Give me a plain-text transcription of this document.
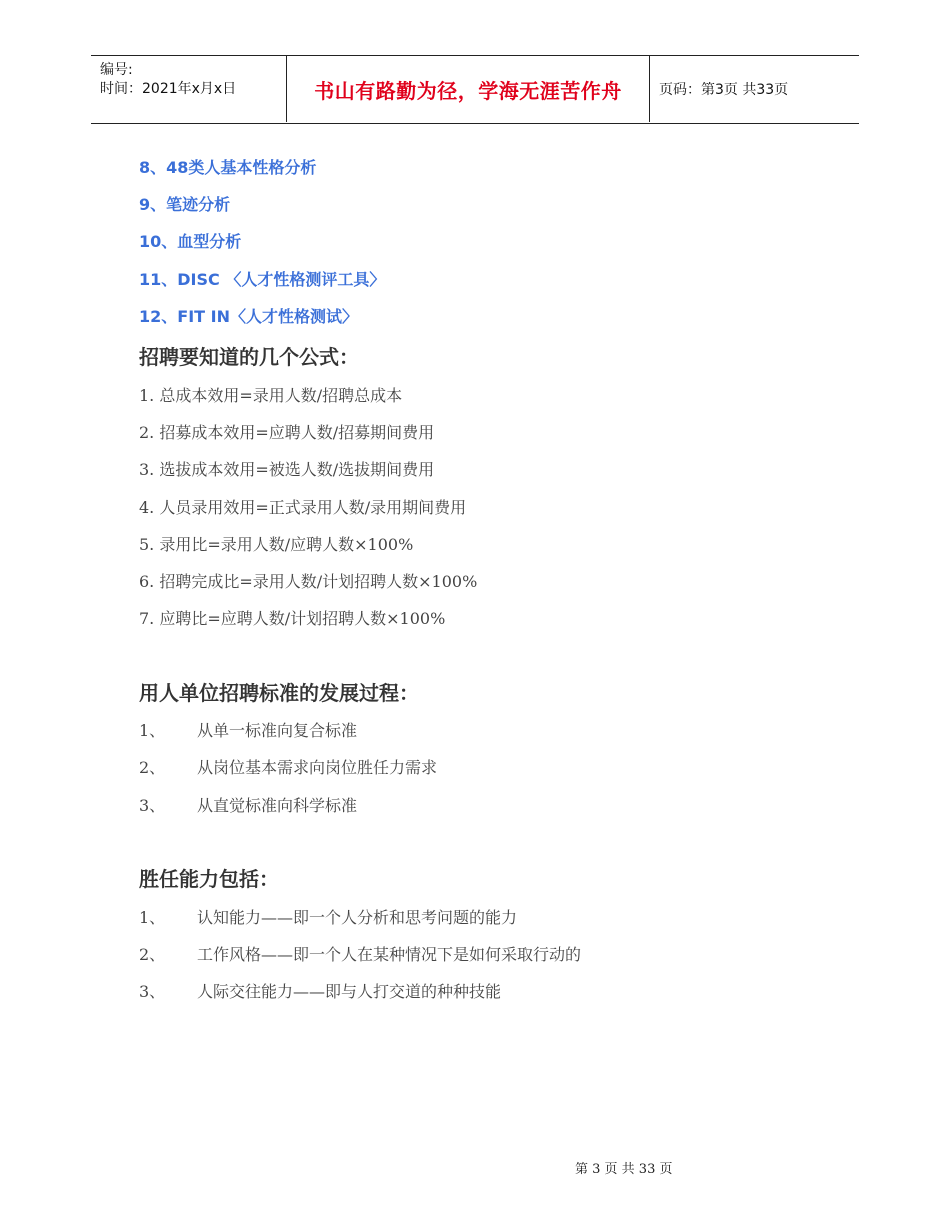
编号:
时间：2021年x月x日	书山有路勤为径，学海无涯苦作舟	页码：第3页 共33页
8、48类人基本性格分析
9、笔迹分析
10、血型分析
11、DISC 〈人才性格测评工具〉
12、FIT IN〈人才性格测试〉
招聘要知道的几个公式：
1. 总成本效用=录用人数/招聘总成本
2. 招募成本效用=应聘人数/招募期间费用
3. 选拔成本效用=被选人数/选拔期间费用
4. 人员录用效用=正式录用人数/录用期间费用
5. 录用比=录用人数/应聘人数×100%
6. 招聘完成比=录用人数/计划招聘人数×100%
7. 应聘比=应聘人数/计划招聘人数×100%
用人单位招聘标准的发展过程：
1、 从单一标准向复合标准
2、 从岗位基本需求向岗位胜任力需求
3、 从直觉标准向科学标准
胜任能力包括：
1、 认知能力——即一个人分析和思考问题的能力
2、 工作风格——即一个人在某种情况下是如何采取行动的
3、 人际交往能力——即与人打交道的种种技能
第 3 页 共 33 页
